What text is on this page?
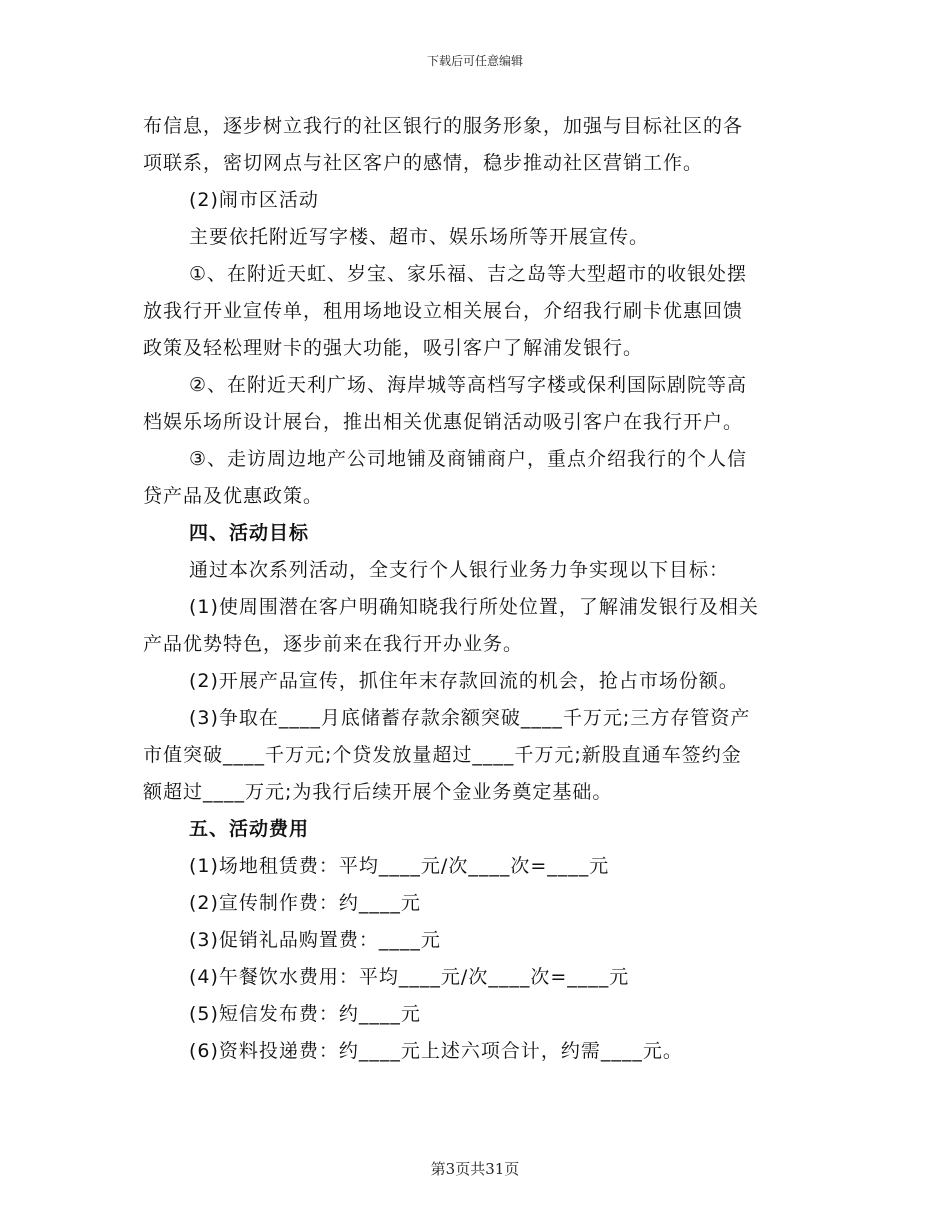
下载后可任意编辑
布信息，逐步树立我行的社区银行的服务形象，加强与目标社区的各
项联系，密切网点与社区客户的感情，稳步推动社区营销工作。
(2)闹市区活动
主要依托附近写字楼、超市、娱乐场所等开展宣传。
①、在附近天虹、岁宝、家乐福、吉之岛等大型超市的收银处摆
放我行开业宣传单，租用场地设立相关展台，介绍我行刷卡优惠回馈
政策及轻松理财卡的强大功能，吸引客户了解浦发银行。
②、在附近天利广场、海岸城等高档写字楼或保利国际剧院等高
档娱乐场所设计展台，推出相关优惠促销活动吸引客户在我行开户。
③、走访周边地产公司地铺及商铺商户，重点介绍我行的个人信
贷产品及优惠政策。
四、活动目标
通过本次系列活动，全支行个人银行业务力争实现以下目标：
(1)使周围潜在客户明确知晓我行所处位置，了解浦发银行及相关
产品优势特色，逐步前来在我行开办业务。
(2)开展产品宣传，抓住年末存款回流的机会，抢占市场份额。
(3)争取在____月底储蓄存款余额突破____千万元;三方存管资产
市值突破____千万元;个贷发放量超过____千万元;新股直通车签约金
额超过____万元;为我行后续开展个金业务奠定基础。
五、活动费用
(1)场地租赁费：平均____元/次____次=____元
(2)宣传制作费：约____元
(3)促销礼品购置费：____元
(4)午餐饮水费用：平均____元/次____次=____元
(5)短信发布费：约____元
(6)资料投递费：约____元上述六项合计，约需____元。
第3页共31页
